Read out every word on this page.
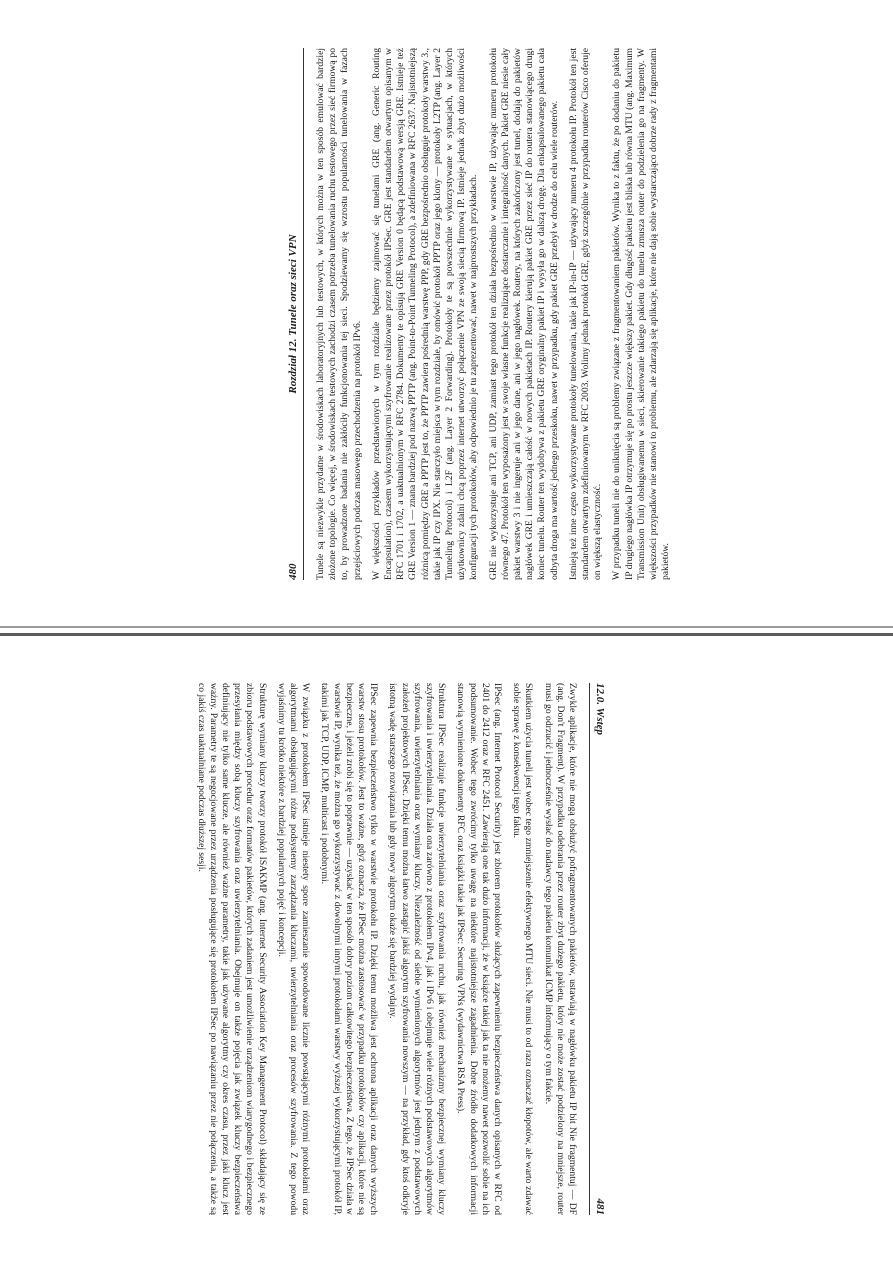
480
Rozdział 12. Tunele oraz sieci VPN Tunele są niezwykle przydatne w środowiskach laboratoryjnych lub testowych, w których można w ten sposób emulować bardziej złożone topologie. Co więcej, w środowiskach testowych zachodzi czasem potrzeba tunelowania ruchu testowego przez sieć firmową po to, by prowadzone badania nie zakłóciły funkcjonowania tej sieci. Spodziewamy się wzrostu popularności tunelowania w fazach przejściowych podczas masowego przechodzenia na protokół IPv6. W większości przykładów przedstawionych w tym rozdziale będziemy zajmować się tunelami GRE (ang. Generic Routing Encapsulation), czasem wykorzystującymi szyfrowanie realizowane przez protokół IPSec. GRE jest standardem otwartym opisanym w RFC 1701 i 1702, a uaktualnionym w RFC 2784. Dokumenty te opisują GRE Version 0 będącą podstawową wersją GRE. Istnieje też GRE Version 1 — znana bardziej pod nazwą PPTP (ang. Point-to-Point Tunneling Protocol), a zdefiniowana w RFC 2637. Najistotniejszą różnicą pomiędzy GRE a PPTP jest to, że PPTP zawiera pośrednią warstwę PPP, gdy GRE bezpośrednio obsługuje protokoły warstwy 3., takie jak IP czy IPX. Nie starczyło miejsca w tym rozdziale, by omówić protokół PPTP oraz jego klony — protokoły L2TP (ang. Layer 2 Tunneling Protocol) i L2F (ang. Layer 2 Forwarding). Protokoły te są powszechnie wykorzystywane w sytuacjach, w których użytkownicy zdalni chcą poprzez internet utworzyć połączenie VPN ze swoją siecią firmową IP. Istnieje jednak zbyt dużo możliwości konfiguracji tych protokołów, aby odpowiednio je tu zaprezentować, nawet w najprostszych przykładach. GRE nie wykorzystuje ani TCP, ani UDP, zamiast tego protokół ten działa bezpośrednio w warstwie IP, używając numeru protokołu równego 47. Protokół ten wyposażony jest w swoje własne funkcje realizujące dostarczanie i integralność danych. Pakiet GRE niesie cały pakiet warstwy 3 i nie ingeruje ani w jego dane, ani w jego nagłówek. Routery, na których zakończony jest tunel, dodają do pakietów nagłówek GRE i umieszczają całość w nowych pakietach IP. Routery kierują pakiet GRE przez sieć IP do routera stanowiącego drugi koniec tunelu. Router ten wydobywa z pakietu GRE oryginalny pakiet IP i wysyła go w dalszą drogę. Dla enkapsulowanego pakietu cała odbyta droga ma wartość jednego przeskoku, nawet w przypadku, gdy pakiet GRE przebył w drodze do celu wiele routerów. Istnieją też inne często wykorzystywane protokoły tunelowania, takie jak IP-in-IP — używający numeru 4 protokołu IP. Protokół ten jest standardem otwartym zdefiniowanym w RFC 2003. Wolimy jednak protokół GRE, gdyż szczególnie w przypadku routerów Cisco oferuje on większą elastyczność. W przypadku tuneli nie do uniknięcia są problemy związane z fragmentowaniem pakietów. Wynika to z faktu, że po dodaniu do pakietu IP drugiego nagłówka IP otrzymuje się po prostu jeszcze większy pakiet. Gdy długość pakietu jest bliska lub równa MTU (ang. Maximum Transmission Unit) obsługiwanemu w sieci, skierowanie takiego pakietu do tunelu zmusza router do podzielenia go na fragmenty. W większości przypadków nie stanowi to problemu, ale zdarzają się aplikacje, które nie dają sobie wystarczająco dobrze rady z fragmentami pakietów.

12.0. Wstęp
481

Zwykle aplikacje, które nie mogą obsłużyć pofragmentowanych pakietów, ustawiają w nagłówku pakietu IP bit Nie fragmentuj — DF (ang. Don't Fragment). W przypadku odebrania przez router zbyt dużego pakietu, który nie może zostać podzielony na mniejsze, router musi go odrzucić i jednocześnie wysłać do nadawcy tego pakietu komunikat ICMP informujący o tym fakcie.

Skutkiem użycia tuneli jest wobec tego zmniejszenie efektywnego MTU sieci. Nie musi to od razu oznaczać kłopotów, ale warto zdawać sobie sprawę z konsekwencji tego faktu.

IPSec (ang. Internet Protocol Security) jest zbiorem protokołów służących zapewnieniu bezpieczeństwa danych opisanych w RFC od 2401 do 2412 oraz w RFC 2451. Zawierają one tak dużo informacji, że w książce takiej jak ta nie możemy nawet pozwolić sobie na ich podsumowanie. Wobec tego zwrócimy tylko uwagę na niektóre najistotniejsze zagadnienia. Dobre źródło dodatkowych informacji stanowią wymienione dokumenty RFC oraz książki takie jak IPSec: Securing VPNs (wydawnictwa RSA Press).

Struktura IPSec realizuje funkcje uwierzytelniania oraz szyfrowania ruchu, jak również mechanizmy bezpiecznej wymiany kluczy szyfrowania i uwierzytelniania. Działa ona zarówno z protokołem IPv4, jak i IPv6 i obejmuje wiele różnych podstawowych algorytmów szyfrowania, uwierzytelniania oraz wymiany kluczy. Niezależność od siebie wymienionych algorytmów jest jednym z podstawowych założeń projektowych IPSec. Dzięki temu można łatwo zastąpić jakiś algorytm szyfrowania nowszym — na przykład, gdy ktoś odkryje istotną wadę starszego rozwiązania lub gdy nowy algorytm okaże się bardziej wydajny.

IPSec zapewnia bezpieczeństwo tylko w warstwie protokołu IP. Dzięki temu możliwa jest ochrona aplikacji oraz danych wyższych warstw stosu protokołów. Jest to ważne, gdyż oznacza, że IPSec można zastosować w przypadku protokołów czy aplikacji, które nie są bezpieczne, i jeżeli zrobi się to poprawnie — uzyskać w ten sposób dobry poziom całkowitego bezpieczeństwa. Z tego, że IPSec działa w warstwie IP, wynika też, że można go wykorzystywać z dowolnymi innymi protokołami warstwy wyższej wykorzystującymi protokół IP, takimi jak TCP, UDP, ICMP, multicast i podobnymi.

W związku z protokołem IPSec istnieje niestety spore zamieszanie spowodowane licznie powstającymi różnymi protokołami oraz algorytmami obsługującymi różne podsystemy zarządzania kluczami, uwierzytelniania oraz procesów szyfrowania. Z tego powodu wyjaśnimy tu krótko niektóre z bardziej popularnych pojęć i koncepcji.

Strukturę wymiany kluczy tworzy protokół ISAKMP (ang. Internet Security Association Key Management Protocol) składający się ze zbioru podstawowych procedur oraz formatów pakietów, których zadaniem jest umożliwienie urządzeniom wiarygodnego i bezpiecznego przesyłania między sobą kluczy szyfrowania oraz uwierzytelniania. Obejmuje on także pojęcia jak związek kluczy bezpieczeństwa definiujący nie tylko same klucze, ale również ważne parametry, takie jak używane algorytmy czy okres czasu, przez jaki klucz jest ważny. Parametry te są negocjowane przez urządzenia posługujące się protokołem IPSec po nawiązaniu przez nie połączenia, a także są co jakiś czas uaktualniane podczas dłuższej sesji.
